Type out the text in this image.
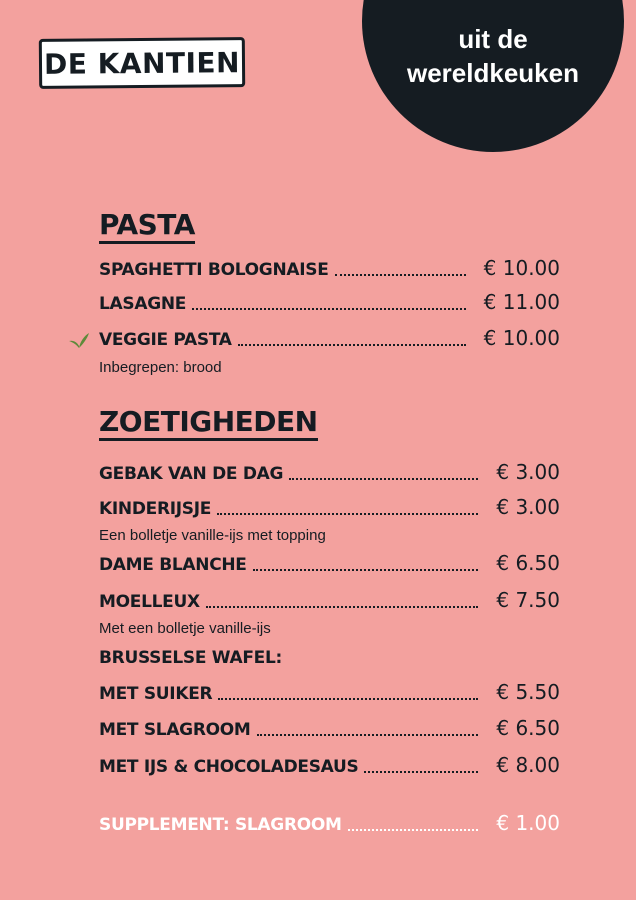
DE KANTIEN
uit de
wereldkeuken
PASTA
SPAGHETTI BOLOGNAISE	€ 10.00
LASAGNE	€ 11.00
VEGGIE PASTA	€ 10.00
Inbegrepen: brood
ZOETIGHEDEN
GEBAK VAN DE DAG	€ 3.00
KINDERIJSJE	€ 3.00
Een bolletje vanille-ijs met topping
DAME BLANCHE	€ 6.50
MOELLEUX	€ 7.50
Met een bolletje vanille-ijs
BRUSSELSE WAFEL:
MET SUIKER	€ 5.50
MET SLAGROOM	€ 6.50
MET IJS & CHOCOLADESAUS	€ 8.00
SUPPLEMENT: SLAGROOM	€ 1.00
